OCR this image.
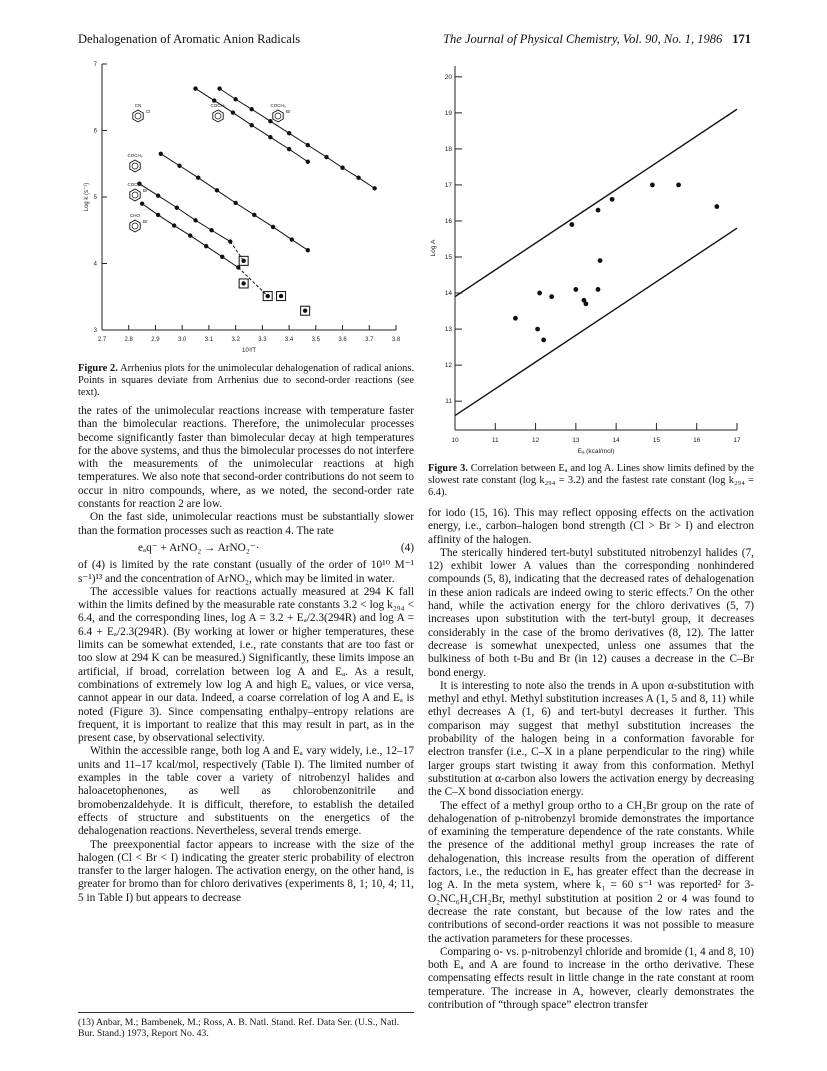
Dehalogenation of Aromatic Anion Radicals	The Journal of Physical Chemistry, Vol. 90, No. 1, 1986 171
2.7	2.8	2.9	3.0	3.1	3.2	3.3	3.4	3.5	3.6	3.7	3.8
10³/T
3
4
5
6
7
Log k (s⁻¹)
CN
Cl
COCH₃	COCH₃
Br
COCH₃
COCH₃
Br
CHO
Br
Figure 2. Arrhenius plots for the unimolecular dehalogenation of radical anions. Points in squares deviate from Arrhenius due to second-order reactions (see text).

the rates of the unimolecular reactions increase with temperature faster than the bimolecular reactions. Therefore, the unimolecular processes become significantly faster than bimolecular decay at high temperatures for the above systems, and thus the bimolecular processes do not interfere with the measurements of the unimolecular reactions at high temperatures. We also note that second-order contributions do not seem to occur in nitro compounds, where, as we noted, the second-order rate constants for reaction 2 are low.

On the fast side, unimolecular reactions must be substantially slower than the formation processes such as reaction 4. The rate

eₐq⁻ + ArNO₂ → ArNO₂⁻·	(4)

of (4) is limited by the rate constant (usually of the order of 10¹⁰ M⁻¹ s⁻¹)¹³ and the concentration of ArNO₂, which may be limited in water.

The accessible values for reactions actually measured at 294 K fall within the limits defined by the measurable rate constants 3.2 < log k₂₉₄ < 6.4, and the corresponding lines, log A = 3.2 + Eₐ/2.3(294R) and log A = 6.4 + Eₐ/2.3(294R). (By working at lower or higher temperatures, these limits can be somewhat extended, i.e., rate constants that are too fast or too slow at 294 K can be measured.) Significantly, these limits impose an artificial, if broad, correlation between log A and Eₐ. As a result, combinations of extremely low log A and high Eₐ values, or vice versa, cannot appear in our data. Indeed, a coarse correlation of log A and Eₐ is noted (Figure 3). Since compensating enthalpy–entropy relations are frequent, it is important to realize that this may result in part, as in the present case, by observational selectivity.

Within the accessible range, both log A and Eₐ vary widely, i.e., 12–17 units and 11–17 kcal/mol, respectively (Table I). The limited number of examples in the table cover a variety of nitrobenzyl halides and haloacetophenones, as well as chlorobenzonitrile and bromobenzaldehyde. It is difficult, therefore, to establish the detailed effects of structure and substituents on the energetics of the dehalogenation reactions. Nevertheless, several trends emerge.

The preexponential factor appears to increase with the size of the halogen (Cl < Br < I) indicating the greater steric probability of electron transfer to the larger halogen. The activation energy, on the other hand, is greater for bromo than for chloro derivatives (experiments 8, 1; 10, 4; 11, 5 in Table I) but appears to decrease

(13) Anbar, M.; Bambenek, M.; Ross, A. B. Natl. Stand. Ref. Data Ser. (U.S., Natl. Bur. Stand.) 1973, Report No. 43.
10	11	12	13	14	15	16	17
Eₐ (kcal/mol)
11
12
13
14
15
16
17
18
19
20
Log A
Figure 3. Correlation between Eₐ and log A. Lines show limits defined by the slowest rate constant (log k₂₉₄ = 3.2) and the fastest rate constant (log k₂₉₄ = 6.4).

for iodo (15, 16). This may reflect opposing effects on the activation energy, i.e., carbon–halogen bond strength (Cl > Br > I) and electron affinity of the halogen.

The sterically hindered tert-butyl substituted nitrobenzyl halides (7, 12) exhibit lower A values than the corresponding nonhindered compounds (5, 8), indicating that the decreased rates of dehalogenation in these anion radicals are indeed owing to steric effects.⁷ On the other hand, while the activation energy for the chloro derivatives (5, 7) increases upon substitution with the tert-butyl group, it decreases considerably in the case of the bromo derivatives (8, 12). The latter decrease is somewhat unexpected, unless one assumes that the bulkiness of both t-Bu and Br (in 12) causes a decrease in the C–Br bond energy.

It is interesting to note also the trends in A upon α-substitution with methyl and ethyl. Methyl substitution increases A (1, 5 and 8, 11) while ethyl decreases A (1, 6) and tert-butyl decreases it further. This comparison may suggest that methyl substitution increases the probability of the halogen being in a conformation favorable for electron transfer (i.e., C–X in a plane perpendicular to the ring) while larger groups start twisting it away from this conformation. Methyl substitution at α-carbon also lowers the activation energy by decreasing the C–X bond dissociation energy.

The effect of a methyl group ortho to a CH₂Br group on the rate of dehalogenation of p-nitrobenzyl bromide demonstrates the importance of examining the temperature dependence of the rate constants. While the presence of the additional methyl group increases the rate of dehalogenation, this increase results from the operation of different factors, i.e., the reduction in Eₐ has greater effect than the decrease in log A. In the meta system, where k₁ = 60 s⁻¹ was reported² for 3-O₂NC₆H₄CH₂Br, methyl substitution at position 2 or 4 was found to decrease the rate constant, but because of the low rates and the contributions of second-order reactions it was not possible to measure the activation parameters for these processes.

Comparing o- vs. p-nitrobenzyl chloride and bromide (1, 4 and 8, 10) both Eₐ and A are found to increase in the ortho derivative. These compensating effects result in little change in the rate constant at room temperature. The increase in A, however, clearly demonstrates the contribution of “through space” electron transfer
